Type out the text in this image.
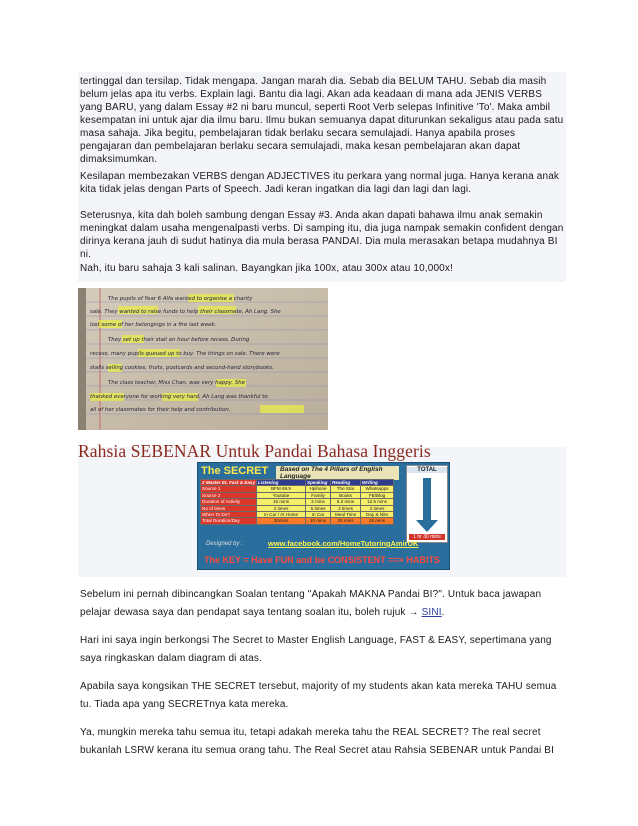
tertinggal dan tersilap. Tidak mengapa. Jangan marah dia. Sebab dia BELUM TAHU. Sebab dia masih belum jelas apa itu verbs. Explain lagi. Bantu dia lagi. Akan ada keadaan di mana ada JENIS VERBS yang BARU, yang dalam Essay #2 ni baru muncul, seperti Root Verb selepas Infinitive 'To'. Maka ambil kesempatan ini untuk ajar dia ilmu baru. Ilmu bukan semuanya dapat diturunkan sekaligus atau pada satu masa sahaja. Jika begitu, pembelajaran tidak berlaku secara semulajadi. Hanya apabila proses pengajaran dan pembelajaran berlaku secara semulajadi, maka kesan pembelajaran akan dapat dimaksimumkan.

Kesilapan membezakan VERBS dengan ADJECTIVES itu perkara yang normal juga. Hanya kerana anak kita tidak jelas dengan Parts of Speech. Jadi keran ingatkan dia lagi dan lagi dan lagi.

Seterusnya, kita dah boleh sambung dengan Essay #3. Anda akan dapati bahawa ilmu anak semakin meningkat dalam usaha mengenalpasti verbs. Di samping itu, dia juga nampak semakin confident dengan dirinya kerana jauh di sudut hatinya dia mula berasa PANDAI. Dia mula merasakan betapa mudahnya BI ni.

Nah, itu baru sahaja 3 kali salinan. Bayangkan jika 100x, atau 300x atau 10,000x!

The pupils of Year 6 Alfa wanted to organise a charity
sale. They wanted to raise funds to help their classmate, Ah Lang. She
lost some of her belongings in a fire last week.
They set up their stall an hour before recess. During
recess, many pupils queued up to buy. The things on sale. There were
stalls selling cookies, fruits, postcards and second-hand storybooks.
The class teacher, Miss Chan, was very happy. She
thanked everyone for working very hard. Ah Lang was thankful to
all of her classmates for their help and contribution.
Rahsia SEBENAR Untuk Pandai Bahasa Inggeris
The SECRET	Based on The 4 Pillars of English Language
2 Master EL Fast & Easy	Listening	Speaking	Reading	Writing
Source 1	BFM 89.9	Hpihone	The Star	Whatsapps
Source 2	Youtube	Family	Books	FB/Blog
Duration of Activity	15 mins	2 mins	8.3 mins	12.5 mins
No of times	2 times	5 times	3 times	2 times
When To Do?	In Car / At Home	In Car	Meal Time	Day & Nite
Total Duration/Day	30mins	10 mins	25 mins	25 mins
TOTAL
1 hr 30 mins
Designed by :	www.facebook.com/HomeTutoringAmirUK
The KEY = Have FUN and be CONSISTENT ==> HABITS

Sebelum ini pernah dibincangkan Soalan tentang "Apakah MAKNA Pandai BI?". Untuk baca jawapan pelajar dewasa saya dan pendapat saya tentang soalan itu, boleh rujuk → SINI.

Hari ini saya ingin berkongsi The Secret to Master English Language, FAST & EASY, sepertimana yang saya ringkaskan dalam diagram di atas.

Apabila saya kongsikan THE SECRET tersebut, majority of my students akan kata mereka TAHU semua tu. Tiada apa yang SECRETnya kata mereka.

Ya, mungkin mereka tahu semua itu, tetapi adakah mereka tahu the REAL SECRET? The real secret bukanlah LSRW kerana itu semua orang tahu. The Real Secret atau Rahsia SEBENAR untuk Pandai BI
